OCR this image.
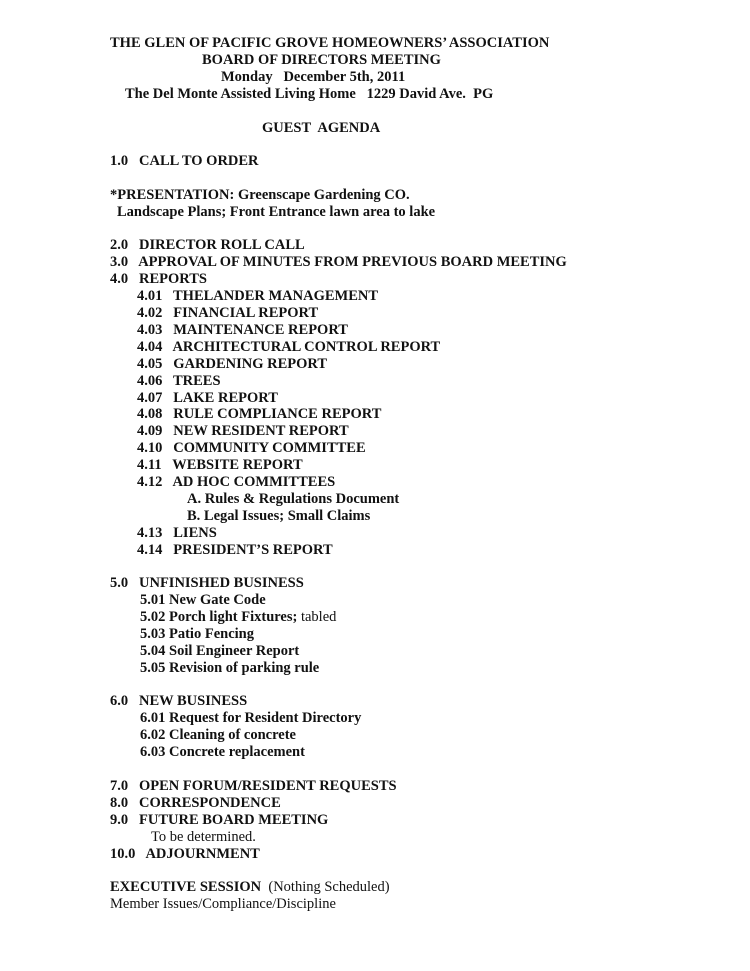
THE GLEN OF PACIFIC GROVE HOMEOWNERS’ ASSOCIATION
BOARD OF DIRECTORS MEETING
Monday   December 5th, 2011
The Del Monte Assisted Living Home   1229 David Ave.  PG
GUEST  AGENDA
1.0   CALL TO ORDER
*PRESENTATION: Greenscape Gardening CO.
Landscape Plans; Front Entrance lawn area to lake
2.0   DIRECTOR ROLL CALL
3.0   APPROVAL OF MINUTES FROM PREVIOUS BOARD MEETING
4.0   REPORTS
4.01   THELANDER MANAGEMENT
4.02   FINANCIAL REPORT
4.03   MAINTENANCE REPORT
4.04   ARCHITECTURAL CONTROL REPORT
4.05   GARDENING REPORT
4.06   TREES
4.07   LAKE REPORT
4.08   RULE COMPLIANCE REPORT
4.09   NEW RESIDENT REPORT
4.10   COMMUNITY COMMITTEE
4.11   WEBSITE REPORT
4.12   AD HOC COMMITTEES
A. Rules & Regulations Document
B. Legal Issues; Small Claims
4.13   LIENS
4.14   PRESIDENT’S REPORT
5.0   UNFINISHED BUSINESS
5.01 New Gate Code
5.02 Porch light Fixtures; tabled
5.03 Patio Fencing
5.04 Soil Engineer Report
5.05 Revision of parking rule
6.0   NEW BUSINESS
6.01 Request for Resident Directory
6.02 Cleaning of concrete
6.03 Concrete replacement
7.0   OPEN FORUM/RESIDENT REQUESTS
8.0   CORRESPONDENCE
9.0   FUTURE BOARD MEETING
To be determined.
10.0   ADJOURNMENT
EXECUTIVE SESSION  (Nothing Scheduled)
Member Issues/Compliance/Discipline
